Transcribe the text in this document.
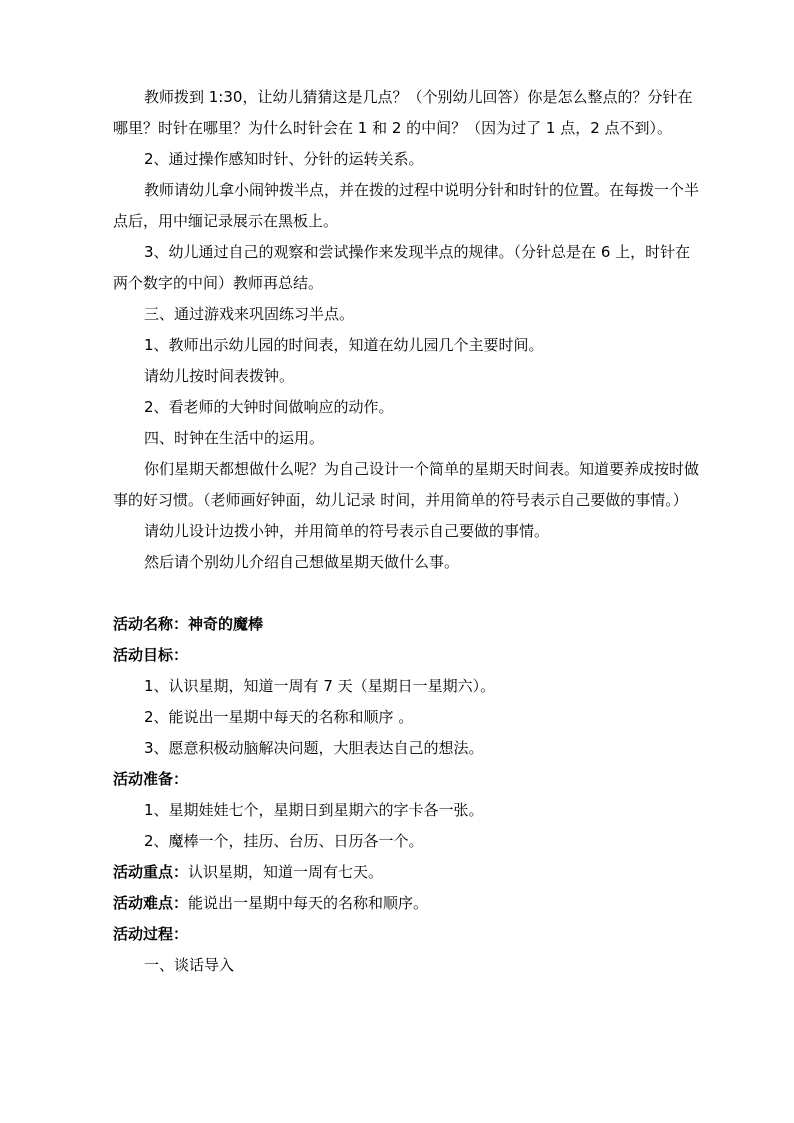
教师拨到 1:30，让幼儿猜猜这是几点？（个别幼儿回答）你是怎么整点的？分针在哪里？时针在哪里？为什么时针会在 1 和 2 的中间？（因为过了 1 点，2 点不到）。

2、通过操作感知时针、分针的运转关系。

教师请幼儿拿小闹钟拨半点，并在拨的过程中说明分针和时针的位置。在每拨一个半点后，用中缅记录展示在黑板上。

3、幼儿通过自己的观察和尝试操作来发现半点的规律。（分针总是在 6 上，时针在两个数字的中间）教师再总结。

三、通过游戏来巩固练习半点。

1、教师出示幼儿园的时间表，知道在幼儿园几个主要时间。

请幼儿按时间表拨钟。

2、看老师的大钟时间做响应的动作。

四、时钟在生活中的运用。

你们星期天都想做什么呢？为自己设计一个简单的星期天时间表。知道要养成按时做事的好习惯。（老师画好钟面，幼儿记录 时间，并用简单的符号表示自己要做的事情。）

请幼儿设计边拨小钟，并用简单的符号表示自己要做的事情。

然后请个别幼儿介绍自己想做星期天做什么事。

活动名称：神奇的魔棒

活动目标：

1、认识星期，知道一周有 7 天（星期日一星期六）。

2、能说出一星期中每天的名称和顺序 。

3、愿意积极动脑解决问题，大胆表达自己的想法。

活动准备：

1、星期娃娃七个，星期日到星期六的字卡各一张。

2、魔棒一个，挂历、台历、日历各一个。

活动重点：认识星期，知道一周有七天。

活动难点：能说出一星期中每天的名称和顺序。

活动过程：

一、谈话导入
